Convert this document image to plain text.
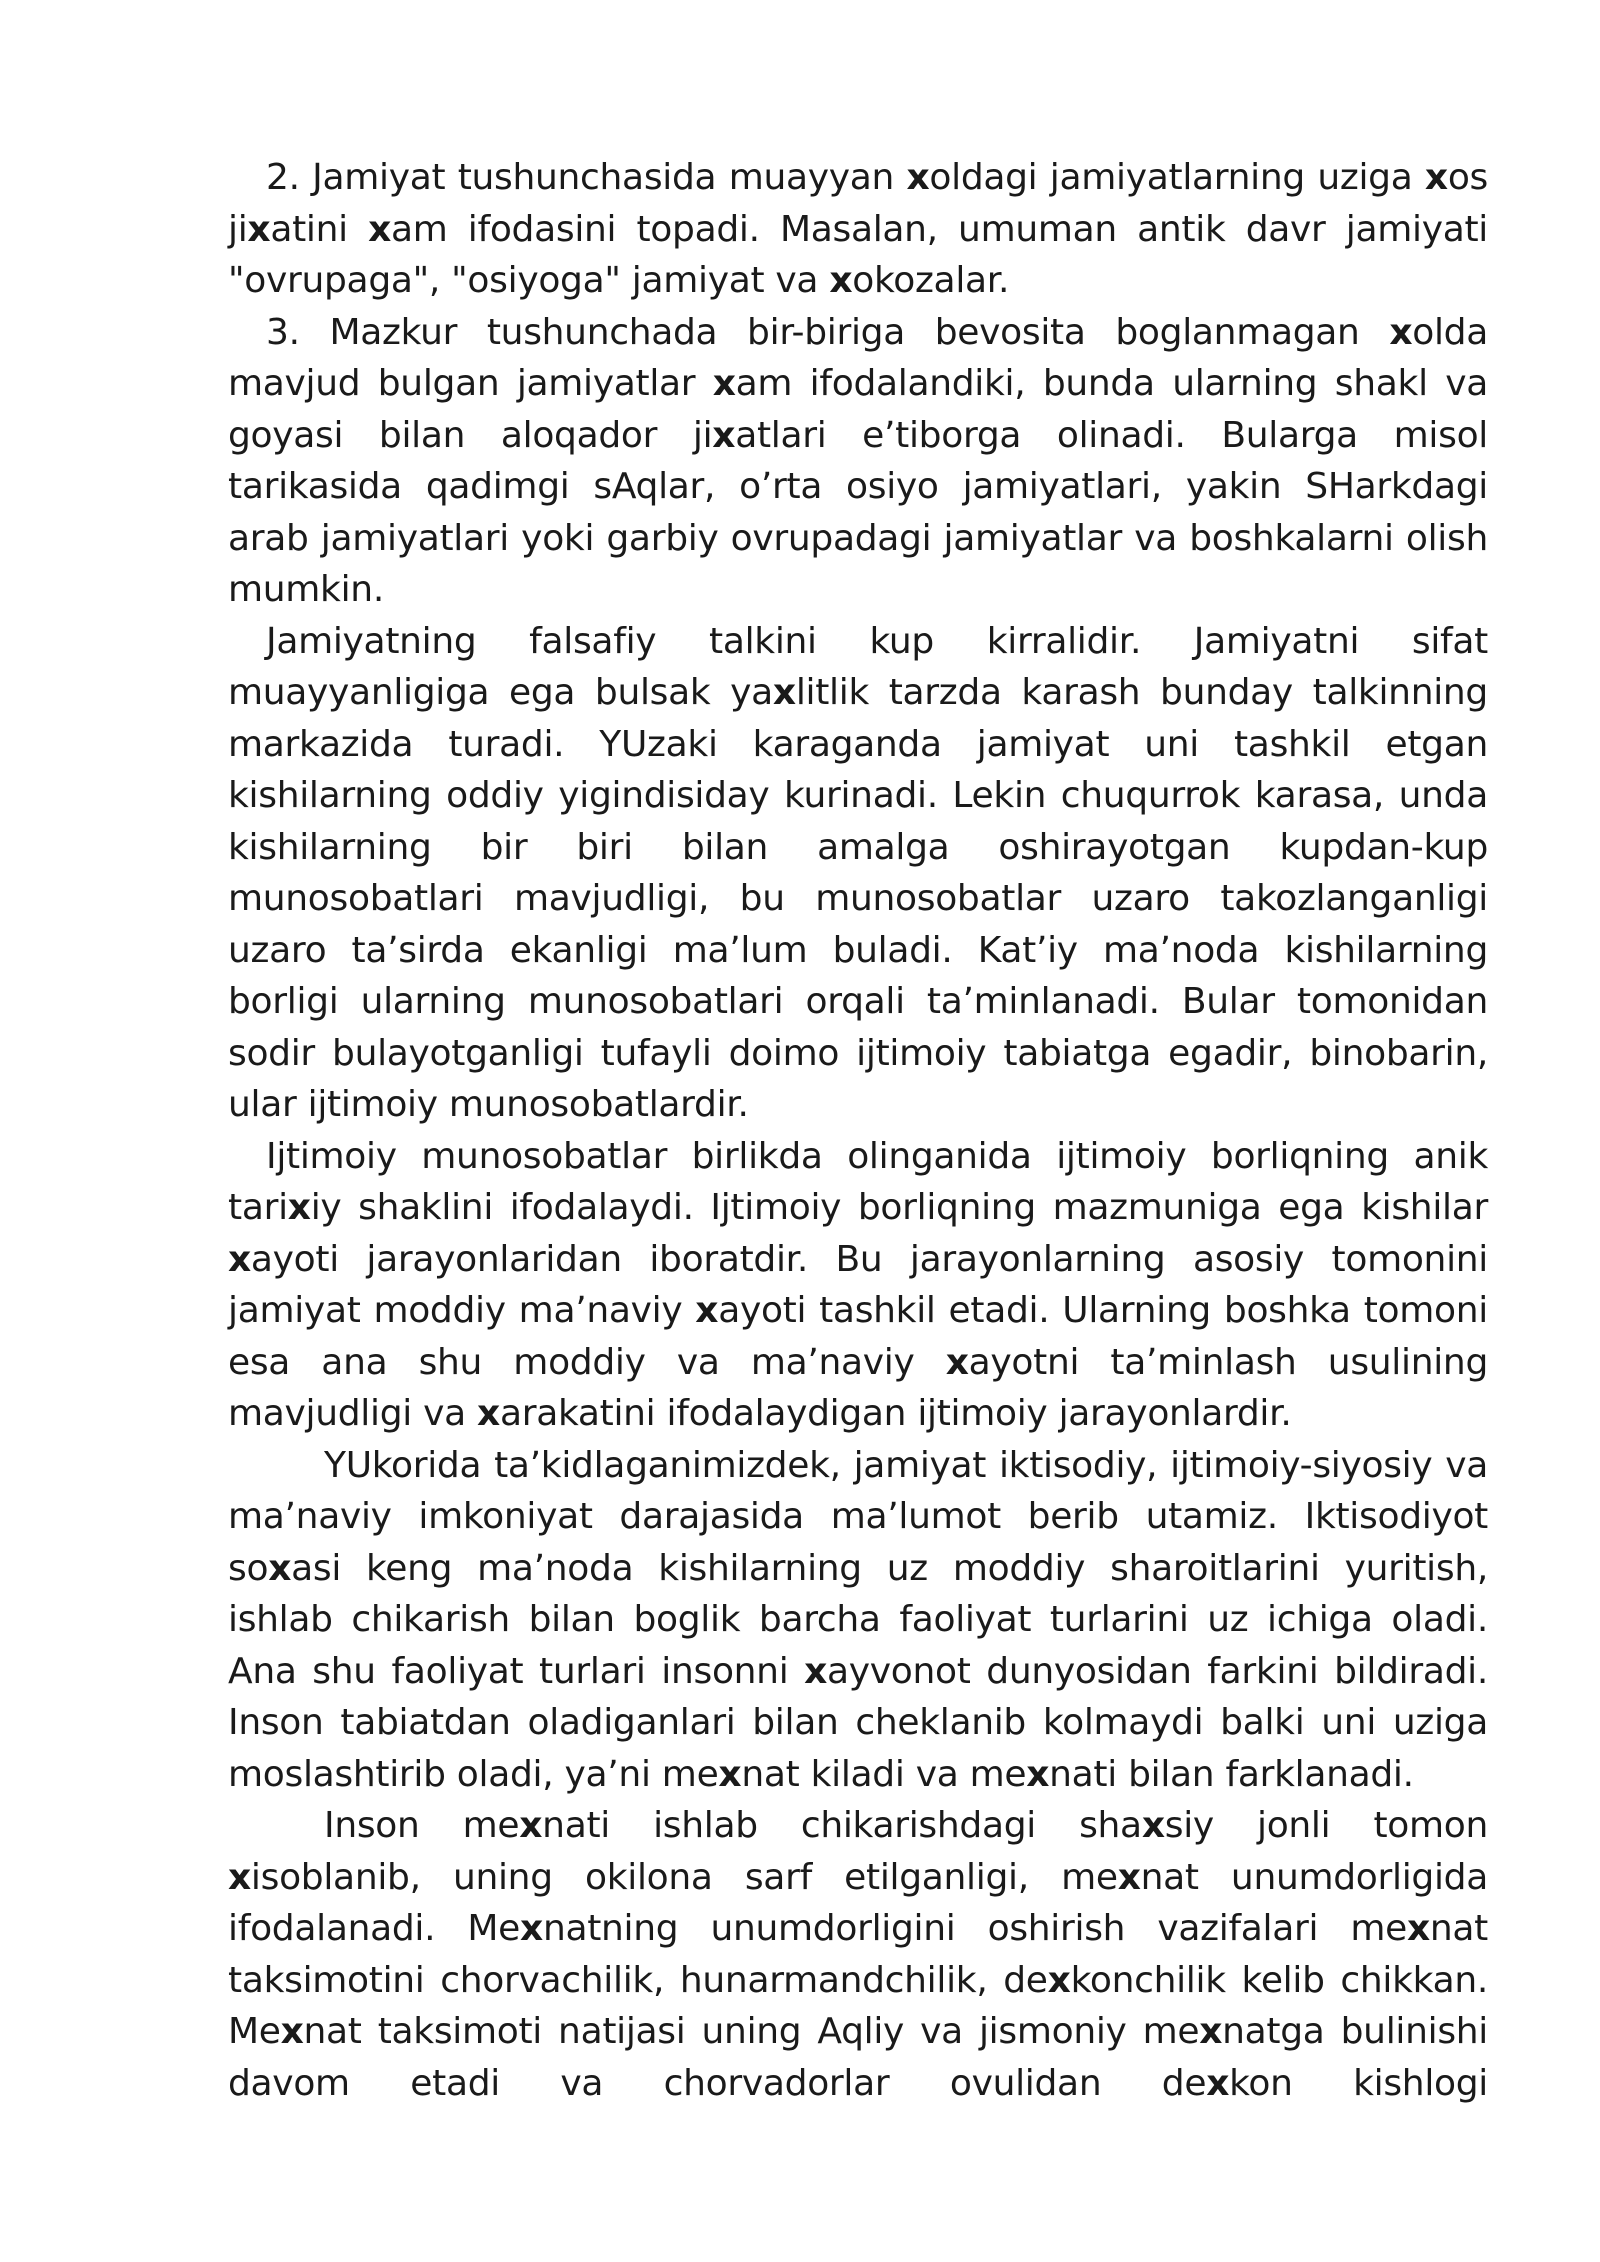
2. Jamiyat tushunchasida muayyan xoldagi jamiyatlarning uziga xos jixatini xam ifodasini topadi. Masalan, umuman antik davr jamiyati "ovrupaga", "osiyoga" jamiyat va xokozalar.

3. Mazkur tushunchada bir-biriga bevosita boglanmagan xolda mavjud bulgan jamiyatlar xam ifodalandiki, bunda ularning shakl va goyasi bilan aloqador jixatlari e’tiborga olinadi. Bularga misol tarikasida qadimgi sAqlar, o’rta osiyo jamiyatlari, yakin SHarkdagi arab jamiyatlari yoki garbiy ovrupadagi jamiyatlar va boshkalarni olish mumkin.

Jamiyatning falsafiy talkini kup kirralidir. Jamiyatni sifat muayyanligiga ega bulsak yaxlitlik tarzda karash bunday talkinning markazida turadi. YUzaki karaganda jamiyat uni tashkil etgan kishilarning oddiy yigindisiday kurinadi. Lekin chuqurrok karasa, unda kishilarning bir biri bilan amalga oshirayotgan kupdan-kup munosobatlari mavjudligi, bu munosobatlar uzaro takozlanganligi uzaro ta’sirda ekanligi ma’lum buladi. Kat’iy ma’noda kishilarning borligi ularning munosobatlari orqali ta’minlanadi. Bular tomonidan sodir bulayotganligi tufayli doimo ijtimoiy tabiatga egadir, binobarin, ular ijtimoiy munosobatlardir.

Ijtimoiy munosobatlar birlikda olinganida ijtimoiy borliqning anik tarixiy shaklini ifodalaydi. Ijtimoiy borliqning mazmuniga ega kishilar xayoti jarayonlaridan iboratdir. Bu jarayonlarning asosiy tomonini jamiyat moddiy ma’naviy xayoti tashkil etadi. Ularning boshka tomoni esa ana shu moddiy va ma’naviy xayotni ta’minlash usulining mavjudligi va xarakatini ifodalaydigan ijtimoiy jarayonlardir.

YUkorida ta’kidlaganimizdek, jamiyat iktisodiy, ijtimoiy-siyosiy va ma’naviy imkoniyat darajasida ma’lumot berib utamiz. Iktisodiyot soxasi keng ma’noda kishilarning uz moddiy sharoitlarini yuritish, ishlab chikarish bilan boglik barcha faoliyat turlarini uz ichiga oladi. Ana shu faoliyat turlari insonni xayvonot dunyosidan farkini bildiradi. Inson tabiatdan oladiganlari bilan cheklanib kolmaydi balki uni uziga moslashtirib oladi, ya’ni mexnat kiladi va mexnati bilan farklanadi.

Inson mexnati ishlab chikarishdagi shaxsiy jonli tomon xisoblanib, uning okilona sarf etilganligi, mexnat unumdorligida ifodalanadi. Mexnatning unumdorligini oshirish vazifalari mexnat taksimotini chorvachilik, hunarmandchilik, dexkonchilik kelib chikkan. Mexnat taksimoti natijasi uning Aqliy va jismoniy mexnatga bulinishi davom etadi va chorvadorlar ovulidan dexkon kishlogi
